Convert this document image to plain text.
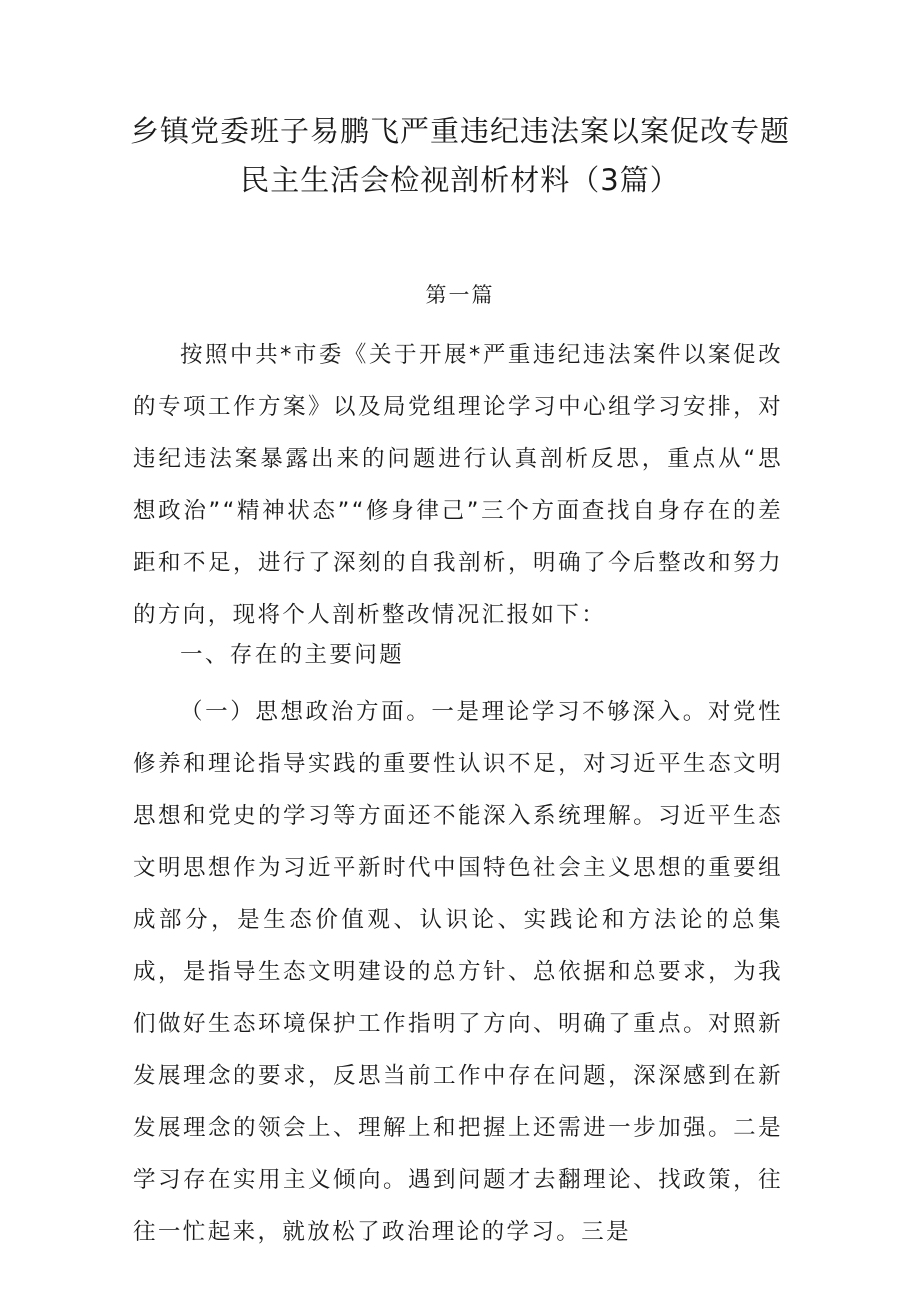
乡镇党委班子易鹏飞严重违纪违法案以案促改专题
民主生活会检视剖析材料（3篇）
第一篇

按照中共*市委《关于开展*严重违纪违法案件以案促改的专项工作方案》以及局党组理论学习中心组学习安排，对违纪违法案暴露出来的问题进行认真剖析反思，重点从“思想政治”“精神状态”“修身律己”三个方面查找自身存在的差距和不足，进行了深刻的自我剖析，明确了今后整改和努力的方向，现将个人剖析整改情况汇报如下：

一、存在的主要问题

（一）思想政治方面。一是理论学习不够深入。对党性修养和理论指导实践的重要性认识不足，对习近平生态文明思想和党史的学习等方面还不能深入系统理解。习近平生态文明思想作为习近平新时代中国特色社会主义思想的重要组成部分，是生态价值观、认识论、实践论和方法论的总集成，是指导生态文明建设的总方针、总依据和总要求，为我们做好生态环境保护工作指明了方向、明确了重点。对照新发展理念的要求，反思当前工作中存在问题，深深感到在新发展理念的领会上、理解上和把握上还需进一步加强。二是学习存在实用主义倾向。遇到问题才去翻理论、找政策，往往一忙起来，就放松了政治理论的学习。三是
